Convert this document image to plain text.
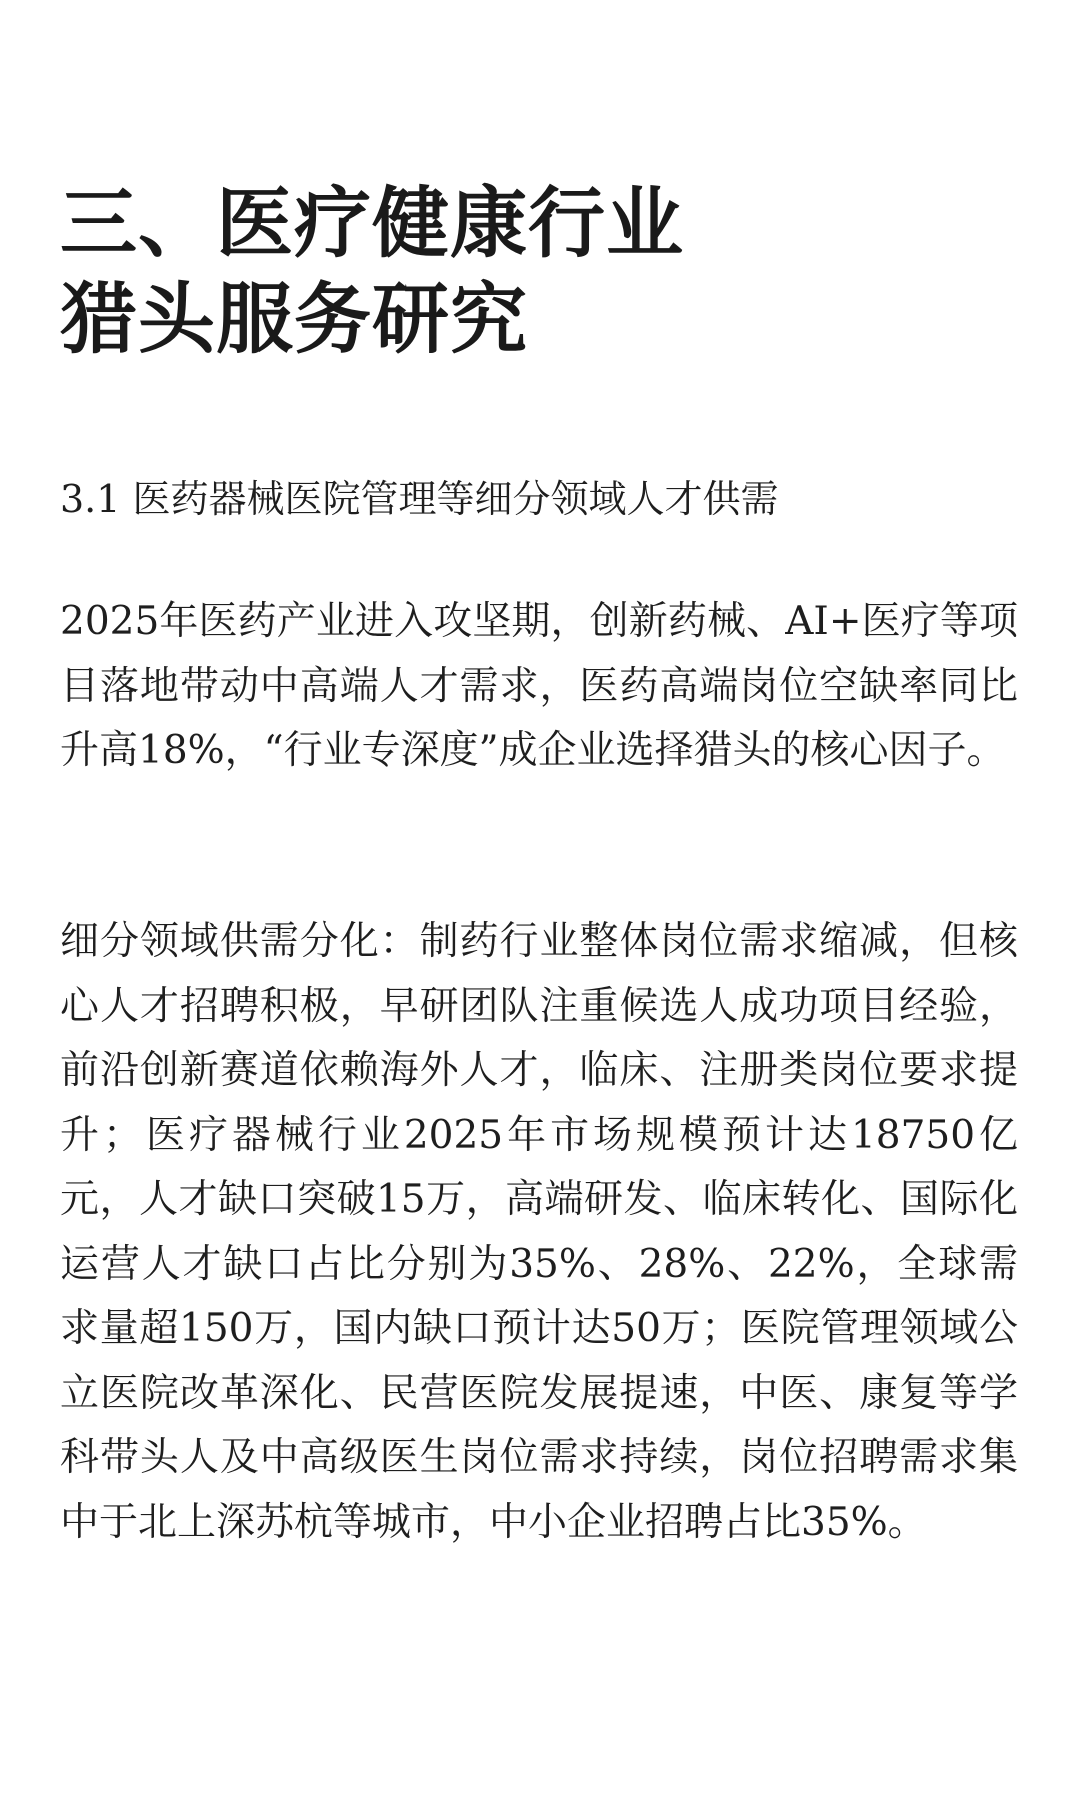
三、医疗健康行业
猎头服务研究
3.1 医药器械医院管理等细分领域人才供需

2025年医药产业进入攻坚期，创新药械、AI+医疗等项目落地带动中高端人才需求，医药高端岗位空缺率同比升高18%，“行业专深度”成企业选择猎头的核心因子。

细分领域供需分化：制药行业整体岗位需求缩减，但核心人才招聘积极，早研团队注重候选人成功项目经验，前沿创新赛道依赖海外人才，临床、注册类岗位要求提升；医疗器械行业2025年市场规模预计达18750亿元，人才缺口突破15万，高端研发、临床转化、国际化运营人才缺口占比分别为35%、28%、22%，全球需求量超150万，国内缺口预计达50万；医院管理领域公立医院改革深化、民营医院发展提速，中医、康复等学科带头人及中高级医生岗位需求持续，岗位招聘需求集中于北上深苏杭等城市，中小企业招聘占比35%。
